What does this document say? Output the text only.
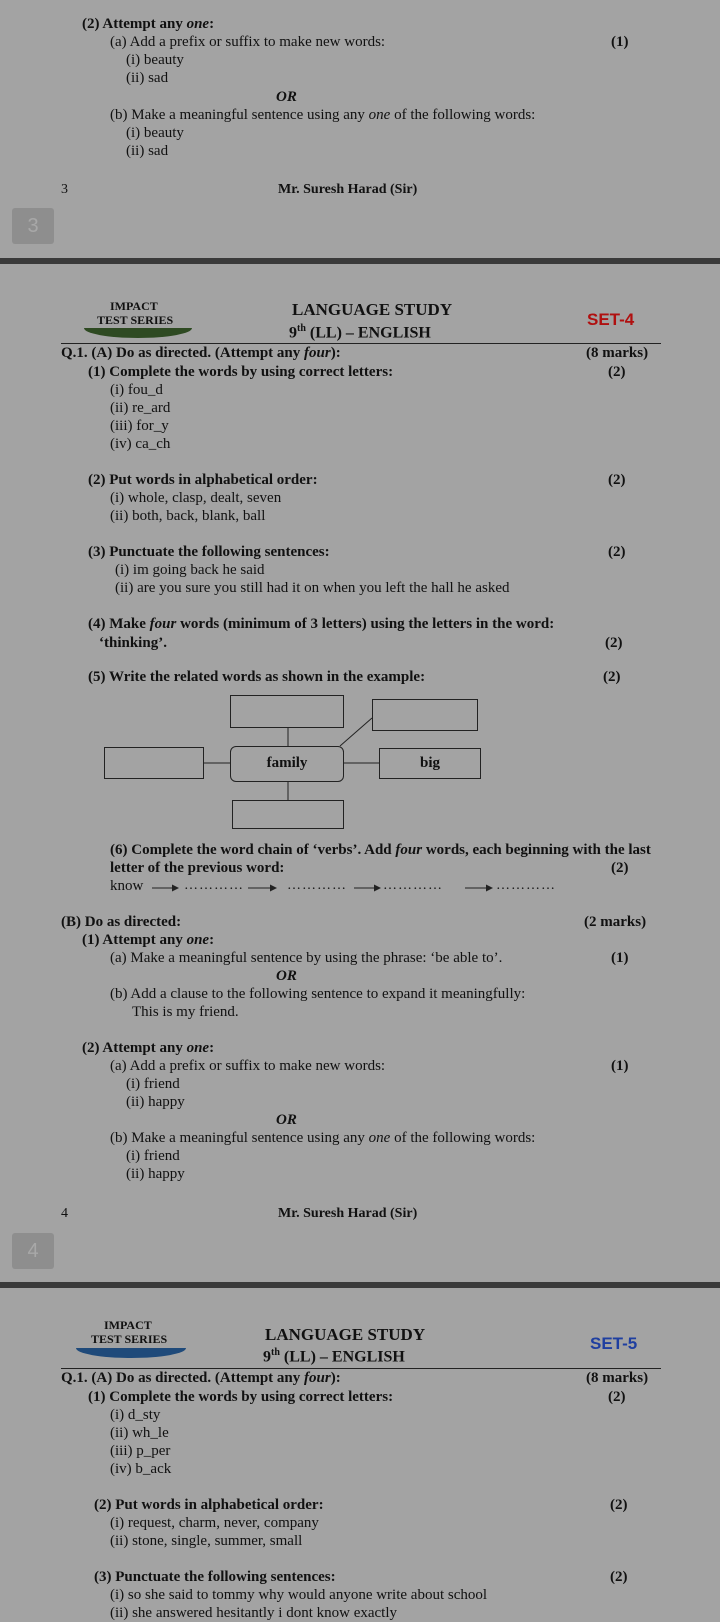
(2) Attempt any one:
(a) Add a prefix or suffix to make new words:	(1)
(i) beauty
(ii) sad
OR
(b) Make a meaningful sentence using any one of the following words:
(i) beauty
(ii) sad
3	Mr. Suresh Harad (Sir)
3
IMPACT
TEST SERIES
LANGUAGE STUDY
9th (LL) – ENGLISH
SET-4
Q.1. (A) Do as directed. (Attempt any four):	(8 marks)
(1) Complete the words by using correct letters:	(2)
(i) fou_d
(ii) re_ard
(iii) for_y
(iv) ca_ch
(2) Put words in alphabetical order:	(2)
(i) whole, clasp, dealt, seven
(ii) both, back, blank, ball
(3) Punctuate the following sentences:	(2)
(i) im going back he said
(ii) are you sure you still had it on when you left the hall he asked
(4) Make four words (minimum of 3 letters) using the letters in the word:
‘thinking’.	(2)
(5) Write the related words as shown in the example:	(2)
family	big
(6) Complete the word chain of ‘verbs’. Add four words, each beginning with the last
letter of the previous word:	(2)
know	…………	…………	…………	…………
(B) Do as directed:	(2 marks)
(1) Attempt any one:
(a) Make a meaningful sentence by using the phrase: ‘be able to’.	(1)
OR
(b) Add a clause to the following sentence to expand it meaningfully:
This is my friend.
(2) Attempt any one:
(a) Add a prefix or suffix to make new words:	(1)
(i) friend
(ii) happy
OR
(b) Make a meaningful sentence using any one of the following words:
(i) friend
(ii) happy
4	Mr. Suresh Harad (Sir)
4
IMPACT
TEST SERIES	LANGUAGE STUDY
9th (LL) – ENGLISH
SET-5
Q.1. (A) Do as directed. (Attempt any four):	(8 marks)
(1) Complete the words by using correct letters:	(2)
(i) d_sty
(ii) wh_le
(iii) p_per
(iv) b_ack
(2) Put words in alphabetical order:	(2)
(i) request, charm, never, company
(ii) stone, single, summer, small
(3) Punctuate the following sentences:	(2)
(i) so she said to tommy why would anyone write about school
(ii) she answered hesitantly i dont know exactly
